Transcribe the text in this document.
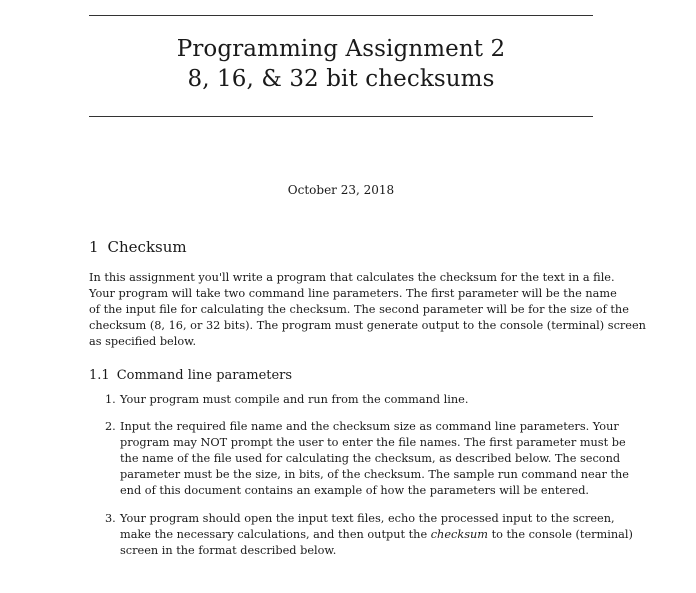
Programming Assignment 2
8, 16, & 32 bit checksums
October 23, 2018
1 Checksum
In this assignment you'll write a program that calculates the checksum for the text in a file.
Your program will take two command line parameters. The first parameter will be the name
of the input file for calculating the checksum. The second parameter will be for the size of the
checksum (8, 16, or 32 bits). The program must generate output to the console (terminal) screen
as specified below.
1.1 Command line parameters
1. Your program must compile and run from the command line.
2. Input the required file name and the checksum size as command line parameters. Your
program may NOT prompt the user to enter the file names. The first parameter must be
the name of the file used for calculating the checksum, as described below. The second
parameter must be the size, in bits, of the checksum. The sample run command near the
end of this document contains an example of how the parameters will be entered.
3. Your program should open the input text files, echo the processed input to the screen,
make the necessary calculations, and then output the checksum to the console (terminal)
screen in the format described below.
